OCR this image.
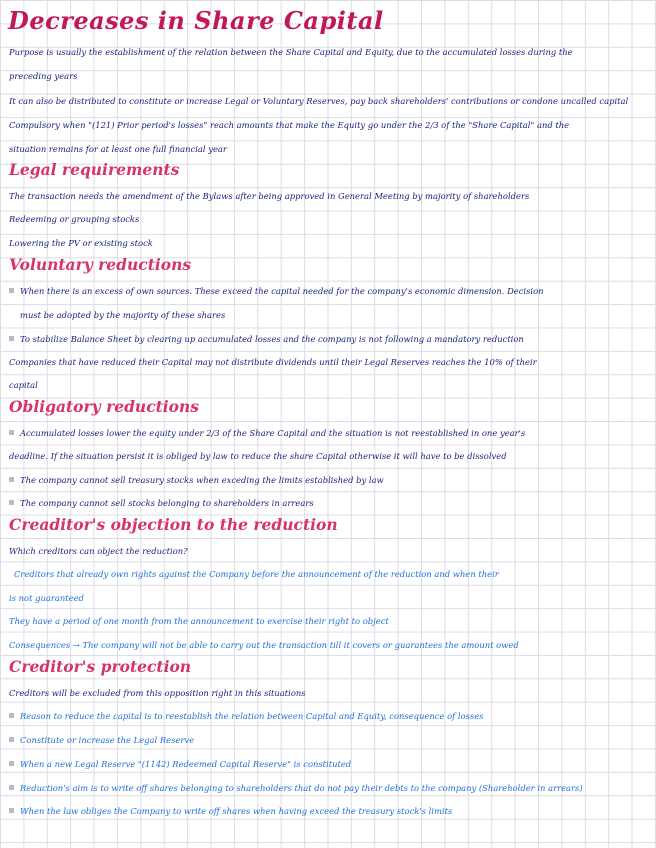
Decreases in Share Capital
Purpose is usually the establishment of the relation between the Share Capital and Equity, due to the accumulated losses during the
preceding years
It can also be distributed to constitute or increase Legal or Voluntary Reserves, pay back shareholders' contributions or condone uncalled capital
Compulsory when "(121) Prior period's losses" reach amounts that make the Equity go under the 2/3 of the "Share Capital" and the
situation remains for at least one full financial year
Legal requirements
The transaction needs the amendment of the Bylaws after being approved in General Meeting by majority of shareholders
Redeeming or grouping stocks
Lowering the PV or existing stock
Voluntary reductions
When there is an excess of own sources. These exceed the capital needed for the company's economic dimension. Decision
must be adopted by the majority of these shares
To stabilize Balance Sheet by clearing up accumulated losses and the company is not following a mandatory reduction
Companies that have reduced their Capital may not distribute dividends until their Legal Reserves reaches the 10% of their
capital
Obligatory reductions
Accumulated losses lower the equity under 2/3 of the Share Capital and the situation is not reestablished in one year's
deadline. If the situation persist it is obliged by law to reduce the share Capital otherwise it will have to be dissolved
The company cannot sell treasury stocks when exceding the limits established by law
The company cannot sell stocks belonging to shareholders in arrears
Creaditor's objection to the reduction
Which creditors can object the reduction?
Creditors that already own rights against the Company before the announcement of the reduction and when their
is not guaranteed
They have a period of one month from the announcement to exercise their right to object
Consequences → The company will not be able to carry out the transaction till it covers or guarantees the amount owed
Creditor's protection
Creditors will be excluded from this opposition right in this situations
Reason to reduce the capital is to reestablish the relation between Capital and Equity, consequence of losses
Constitute or increase the Legal Reserve
When a new Legal Reserve "(1142) Redeemed Capital Reserve" is constituted
Reduction's aim is to write off shares belonging to shareholders that do not pay their debts to the company (Shareholder in arrears)
When the law obliges the Company to write off shares when having exceed the treasury stock's limits
